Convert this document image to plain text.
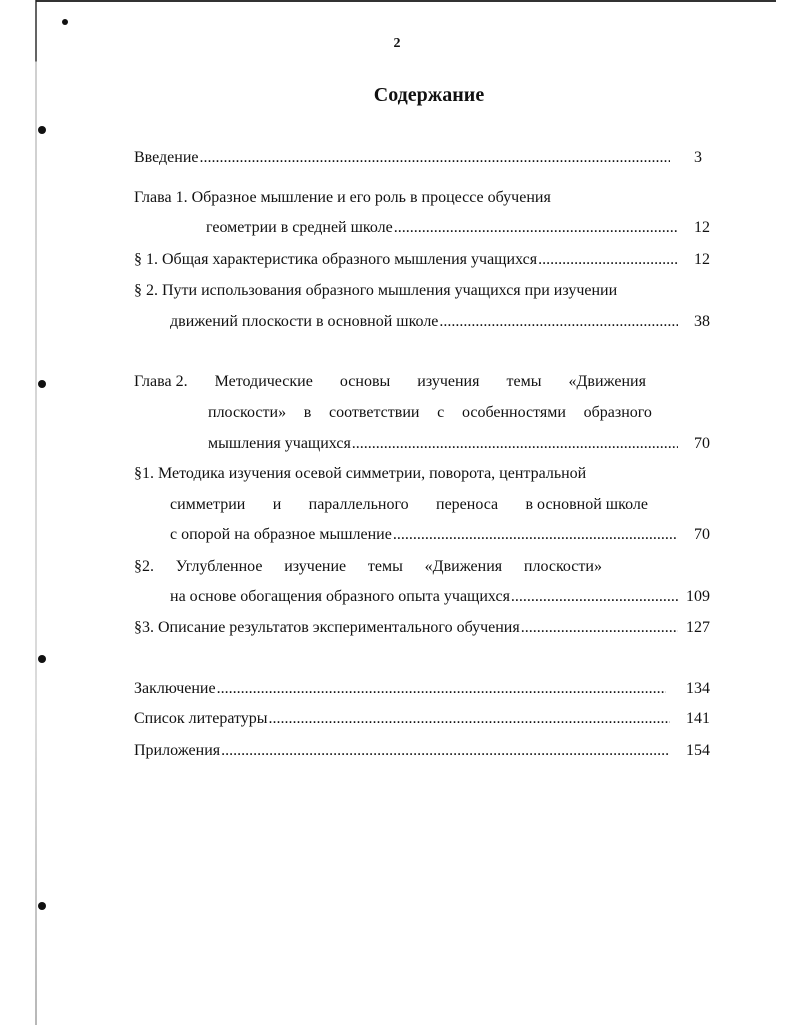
2
Содержание
Введение .....	3
Глава 1. Образное мышление и его роль в процессе обучения
геометрии в средней школе .....	12
§ 1. Общая характеристика образного мышления учащихся .....	12
§ 2. Пути использования образного мышления учащихся при изучении
движений плоскости в основной школе .....	38
Глава 2. Методические основы изучения темы «Движения
плоскости» в соответствии с особенностями образного
мышления учащихся .....	70
§1. Методика изучения осевой симметрии, поворота, центральной
симметрии и параллельного переноса в основной школе
с опорой на образное мышление .....	70
§2. Углубленное изучение темы «Движения плоскости»
на основе обогащения образного опыта учащихся .....	109
§3. Описание результатов экспериментального обучения .....	127
Заключение .....	134
Список литературы .....	141
Приложения .....	154
